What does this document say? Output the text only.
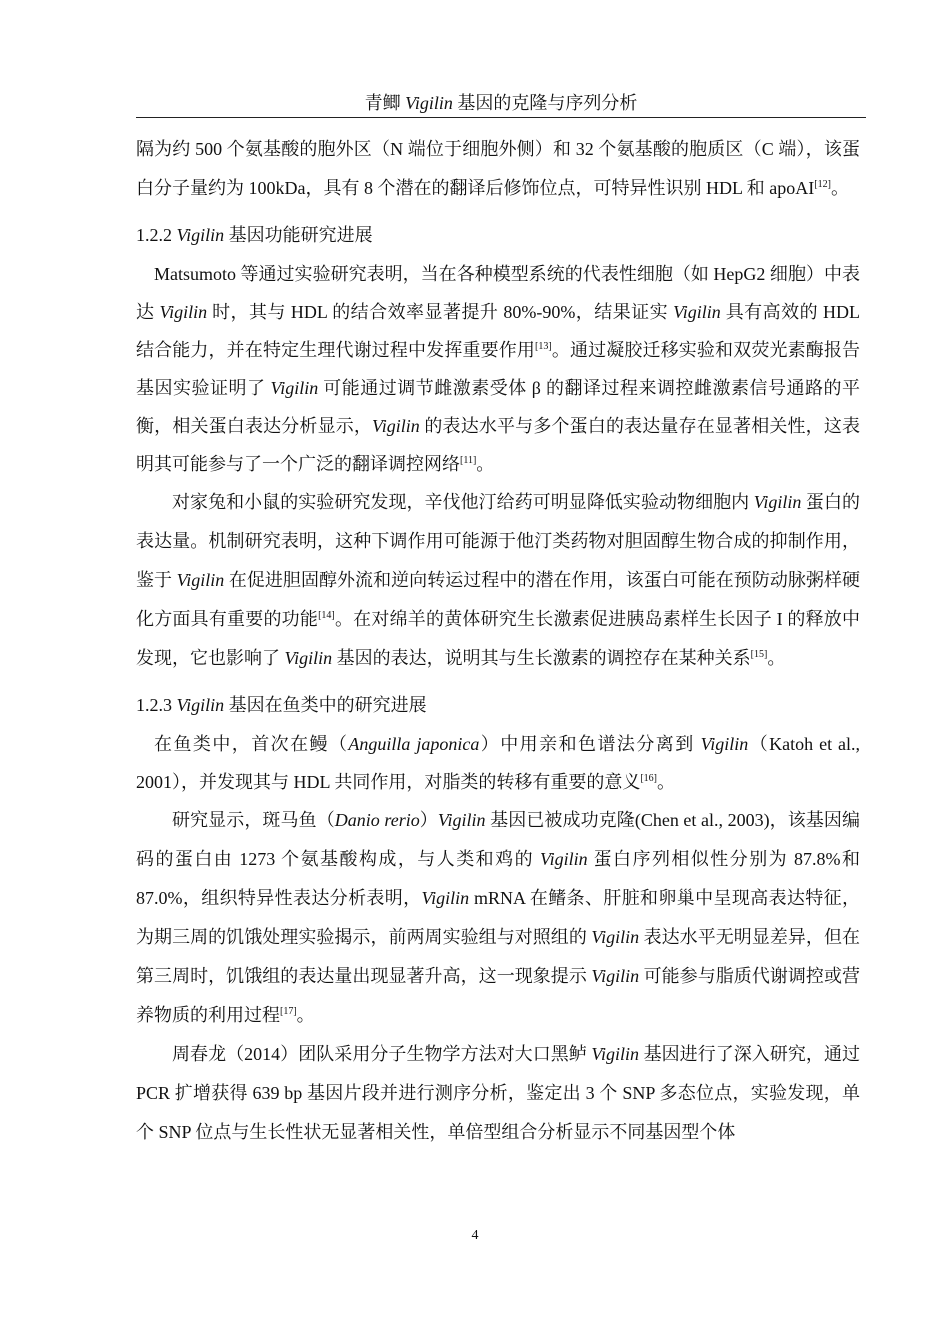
青鲫 Vigilin 基因的克隆与序列分析

隔为约 500 个氨基酸的胞外区（N 端位于细胞外侧）和 32 个氨基酸的胞质区（C 端），该蛋白分子量约为 100kDa，具有 8 个潜在的翻译后修饰位点，可特异性识别 HDL 和 apoAI[12]。

1.2.2 Vigilin 基因功能研究进展

Matsumoto 等通过实验研究表明，当在各种模型系统的代表性细胞（如 HepG2 细胞）中表达 Vigilin 时，其与 HDL 的结合效率显著提升 80%-90%，结果证实 Vigilin 具有高效的 HDL 结合能力，并在特定生理代谢过程中发挥重要作用[13]。通过凝胶迁移实验和双荧光素酶报告基因实验证明了 Vigilin 可能通过调节雌激素受体 β 的翻译过程来调控雌激素信号通路的平衡，相关蛋白表达分析显示，Vigilin 的表达水平与多个蛋白的表达量存在显著相关性，这表明其可能参与了一个广泛的翻译调控网络[11]。

对家兔和小鼠的实验研究发现，辛伐他汀给药可明显降低实验动物细胞内 Vigilin 蛋白的表达量。机制研究表明，这种下调作用可能源于他汀类药物对胆固醇生物合成的抑制作用，鉴于 Vigilin 在促进胆固醇外流和逆向转运过程中的潜在作用，该蛋白可能在预防动脉粥样硬化方面具有重要的功能[14]。在对绵羊的黄体研究生长激素促进胰岛素样生长因子 I 的释放中发现，它也影响了 Vigilin 基因的表达，说明其与生长激素的调控存在某种关系[15]。

1.2.3 Vigilin 基因在鱼类中的研究进展

在鱼类中，首次在鳗（Anguilla japonica）中用亲和色谱法分离到 Vigilin（Katoh et al., 2001），并发现其与 HDL 共同作用，对脂类的转移有重要的意义[16]。

研究显示，斑马鱼（Danio rerio）Vigilin 基因已被成功克隆(Chen et al., 2003)，该基因编码的蛋白由 1273 个氨基酸构成，与人类和鸡的 Vigilin 蛋白序列相似性分别为 87.8%和 87.0%，组织特异性表达分析表明，Vigilin mRNA 在鳍条、肝脏和卵巢中呈现高表达特征，为期三周的饥饿处理实验揭示，前两周实验组与对照组的 Vigilin 表达水平无明显差异，但在第三周时，饥饿组的表达量出现显著升高，这一现象提示 Vigilin 可能参与脂质代谢调控或营养物质的利用过程[17]。

周春龙（2014）团队采用分子生物学方法对大口黑鲈 Vigilin 基因进行了深入研究，通过 PCR 扩增获得 639 bp 基因片段并进行测序分析，鉴定出 3 个 SNP 多态位点，实验发现，单个 SNP 位点与生长性状无显著相关性，单倍型组合分析显示不同基因型个体

4
